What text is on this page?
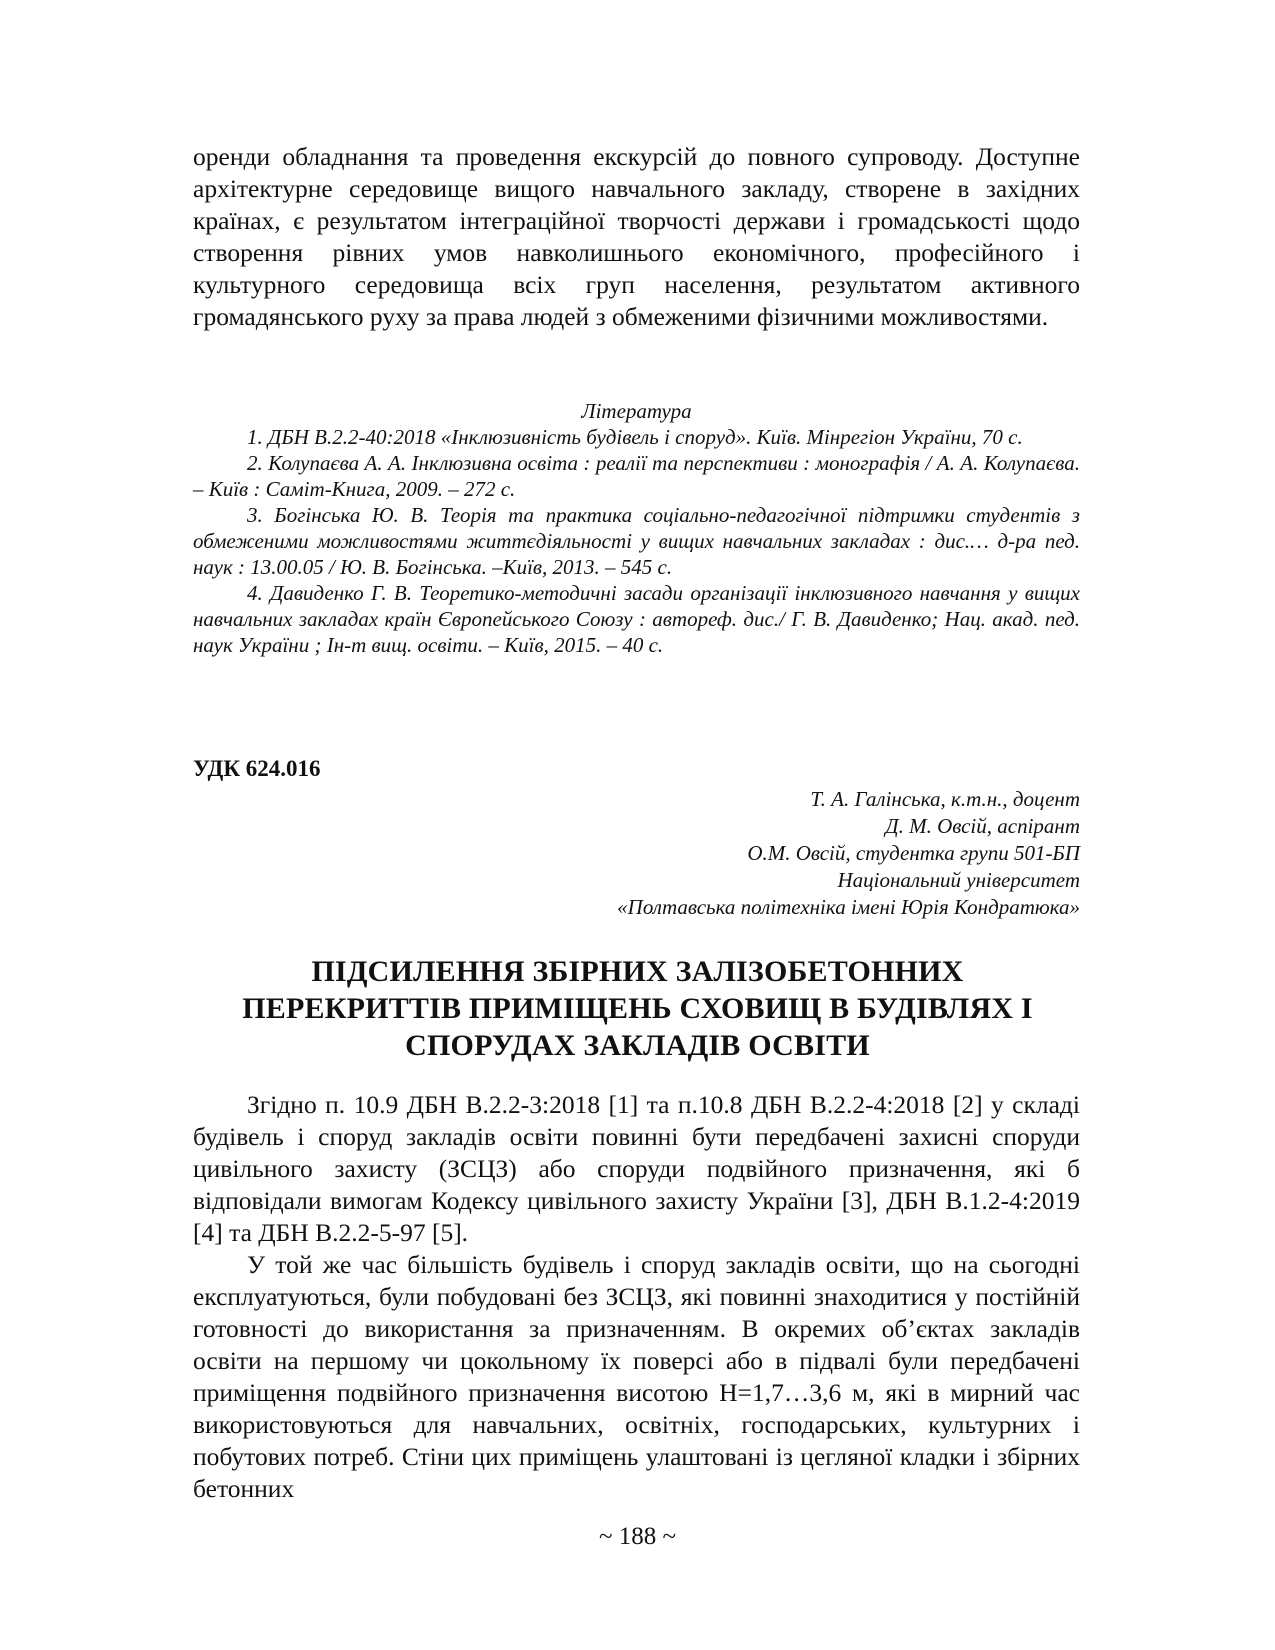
оренди обладнання та проведення екскурсій до повного супроводу. Доступне архітектурне середовище вищого навчального закладу, створене в західних країнах, є результатом інтеграційної творчості держави і громадськості щодо створення рівних умов навколишнього економічного, професійного і культурного середовища всіх груп населення, результатом активного громадянського руху за права людей з обмеженими фізичними можливостями.

Література

1. ДБН В.2.2-40:2018 «Інклюзивність будівель і споруд». Київ. Мінрегіон України, 70 с.

2. Колупаєва А. А. Інклюзивна освіта : реалії та перспективи : монографія / А. А. Колупаєва. – Київ : Саміт-Книга, 2009. – 272 с.

3. Богінська Ю. В. Теорія та практика соціально-педагогічної підтримки студентів з обмеженими можливостями життєдіяльності у вищих навчальних закладах : дис.… д-ра пед. наук : 13.00.05 / Ю. В. Богінська. –Київ, 2013. – 545 с.

4. Давиденко Г. В. Теоретико-методичні засади організації інклюзивного навчання у вищих навчальних закладах країн Європейського Союзу : автореф. дис./ Г. В. Давиденко; Нац. акад. пед. наук України ; Ін-т вищ. освіти. – Київ, 2015. – 40 с.

УДК 624.016

Т. А. Галінська, к.т.н., доцент
Д. М. Овсій, аспірант
О.М. Овсій, студентка групи 501-БП
Національний університет
«Полтавська політехніка імені Юрія Кондратюка»

ПІДСИЛЕННЯ ЗБІРНИХ ЗАЛІЗОБЕТОННИХ

ПЕРЕКРИТТІВ ПРИМІЩЕНЬ СХОВИЩ В БУДІВЛЯХ І

СПОРУДАХ ЗАКЛАДІВ ОСВІТИ

Згідно п. 10.9 ДБН В.2.2-3:2018 [1] та п.10.8 ДБН В.2.2-4:2018 [2] у складі будівель і споруд закладів освіти повинні бути передбачені захисні споруди цивільного захисту (ЗСЦЗ) або споруди подвійного призначення, які б відповідали вимогам Кодексу цивільного захисту України [3], ДБН В.1.2-4:2019 [4] та ДБН В.2.2-5-97 [5].

У той же час більшість будівель і споруд закладів освіти, що на сьогодні експлуатуються, були побудовані без ЗСЦЗ, які повинні знаходитися у постійній готовності до використання за призначенням. В окремих об’єктах закладів освіти на першому чи цокольному їх поверсі або в підвалі були передбачені приміщення подвійного призначення висотою H=1,7…3,6 м, які в мирний час використовуються для навчальних, освітніх, господарських, культурних і побутових потреб. Стіни цих приміщень улаштовані із цегляної кладки і збірних бетонних

~ 188 ~
